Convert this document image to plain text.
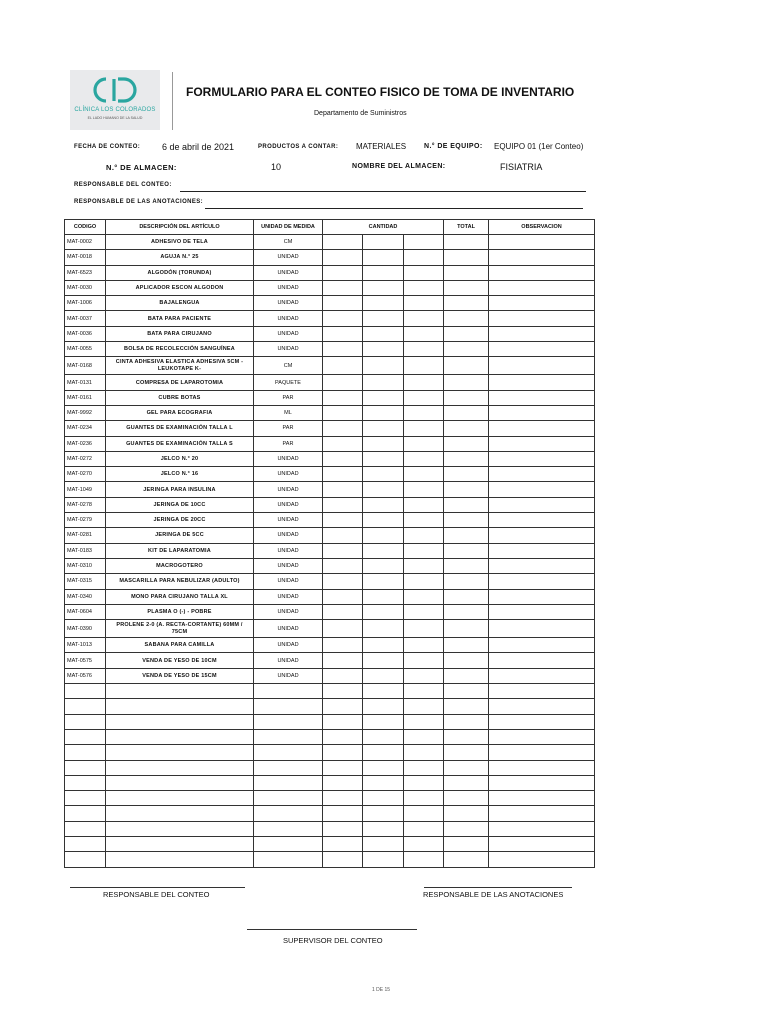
CLÍNICA LOS COLORADOS
EL LADO HUMANO DE LA SALUD
FORMULARIO PARA EL CONTEO FISICO DE TOMA DE INVENTARIO
Departamento de Suministros
FECHA DE CONTEO: 6 de abril de 2021	PRODUCTOS A CONTAR: MATERIALES	N.° DE EQUIPO: EQUIPO 01 (1er Conteo)
N.° DE ALMACEN:	10	NOMBRE DEL ALMACEN:	FISIATRIA
RESPONSABLE DEL CONTEO:
RESPONSABLE DE LAS ANOTACIONES:
CODIGO	DESCRIPCIÓN DEL ARTÍCULO	UNIDAD DE MEDIDA	CANTIDAD			TOTAL	OBSERVACION
MAT-0002	ADHESIVO DE TELA	CM					
MAT-0018	AGUJA N.° 25	UNIDAD					
MAT-6523	ALGODÓN (TORUNDA)	UNIDAD					
MAT-0030	APLICADOR ESCON ALGODON	UNIDAD					
MAT-1006	BAJALENGUA	UNIDAD					
MAT-0037	BATA PARA PACIENTE	UNIDAD					
MAT-0036	BATA PARA CIRUJANO	UNIDAD					
MAT-0055	BOLSA DE RECOLECCIÓN SANGUÍNEA	UNIDAD					
MAT-0168	CINTA ADHESIVA ELASTICA ADHESIVA 5CM -LEUKOTAPE K-	CM					
MAT-0131	COMPRESA DE LAPAROTOMIA	PAQUETE					
MAT-0161	CUBRE BOTAS	PAR					
MAT-9992	GEL PARA ECOGRAFIA	ML					
MAT-0234	GUANTES DE EXAMINACIÓN TALLA L	PAR					
MAT-0236	GUANTES DE EXAMINACIÓN TALLA S	PAR					
MAT-0272	JELCO N.° 20	UNIDAD					
MAT-0270	JELCO N.° 16	UNIDAD					
MAT-1049	JERINGA PARA INSULINA	UNIDAD					
MAT-0278	JERINGA DE 10CC	UNIDAD					
MAT-0279	JERINGA DE 20CC	UNIDAD					
MAT-0281	JERINGA DE 5CC	UNIDAD					
MAT-0183	KIT DE LAPARATOMIA	UNIDAD					
MAT-0310	MACROGOTERO	UNIDAD					
MAT-0315	MASCARILLA PARA NEBULIZAR (ADULTO)	UNIDAD					
MAT-0340	MONO PARA CIRUJANO TALLA XL	UNIDAD					
MAT-0604	PLASMA O (-) - POBRE	UNIDAD					
MAT-0390	PROLENE 2-0 (A. RECTA-CORTANTE) 60MM / 75CM	UNIDAD					
MAT-1013	SABANA PARA CAMILLA	UNIDAD					
MAT-0575	VENDA DE YESO DE 10CM	UNIDAD					
MAT-0576	VENDA DE YESO DE 15CM	UNIDAD					

RESPONSABLE DEL CONTEO	RESPONSABLE DE LAS ANOTACIONES
SUPERVISOR DEL CONTEO
1 DE 15
